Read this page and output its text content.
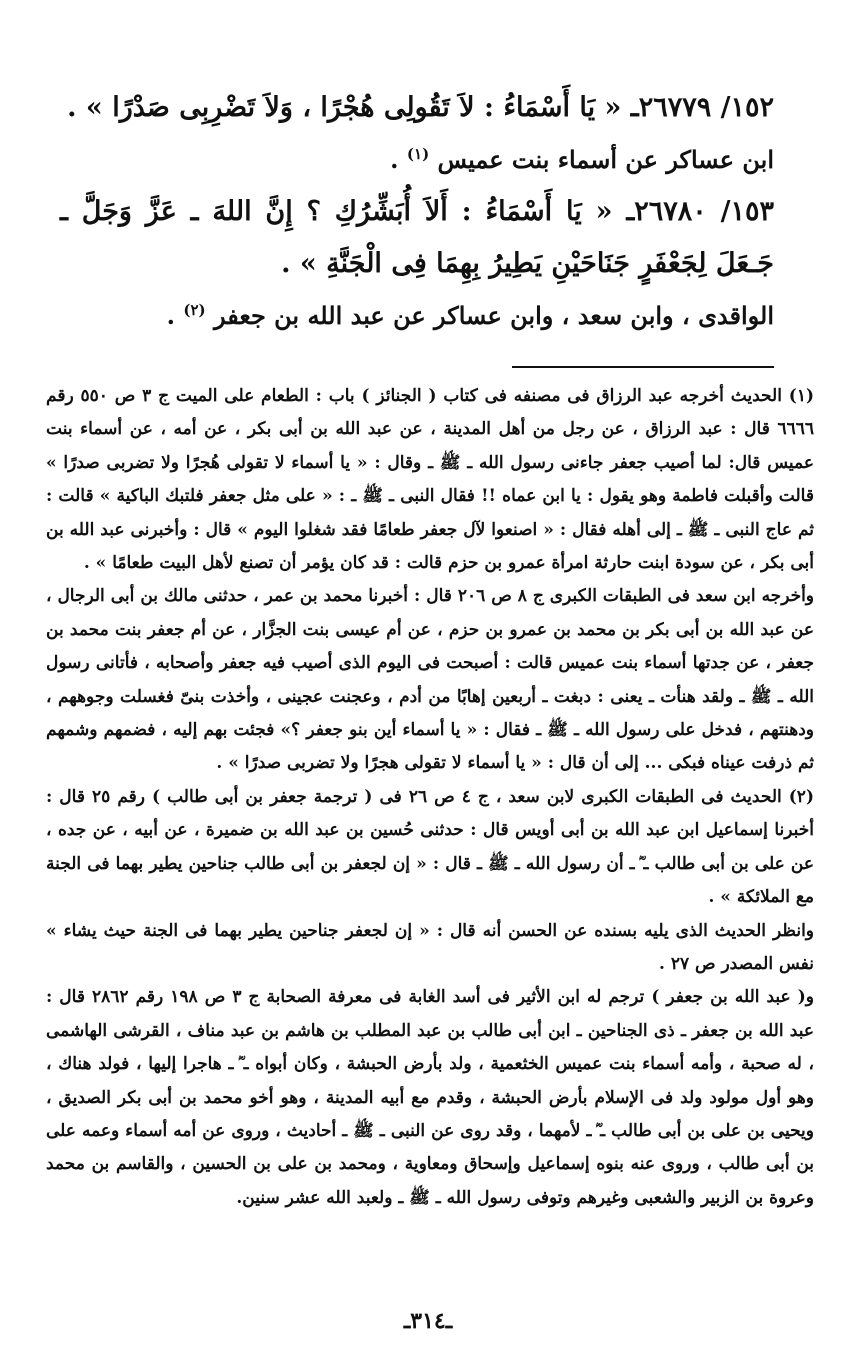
١٥٢/ ٢٦٧٧٩ـ « يَا أَسْمَاءُ : لاَ تَقُولِى هُجْرًا ، وَلاَ تَضْرِبِى صَدْرًا » .

ابن عساكر عن أسماء بنت عميس $^{(١)}$ .

١٥٣/ ٢٦٧٨٠ـ « يَا أَسْمَاءُ : أَلاَ أُبَشِّرُكِ ؟ إِنَّ اللهَ ـ عَزَّ وَجَلَّ ـ جَـعَلَ لِجَعْفَرٍ جَنَاحَيْنِ يَطِيرُ بِهِمَا فِى الْجَنَّةِ » .

الواقدى ، وابن سعد ، وابن عساكر عن عبد الله بن جعفر $^{(٢)}$ .

(١) الحديث أخرجه عبد الرزاق فى مصنفه فى كتاب ( الجنائز ) باب : الطعام على الميت ج ٣ ص ٥٥٠ رقم ٦٦٦٦ قال : عبد الرزاق ، عن رجل من أهل المدينة ، عن عبد الله بن أبى بكر ، عن أمه ، عن أسماء بنت عميس قال: لما أصيب جعفر جاءنى رسول الله ـ ﷺ ـ وقال : « يا أسماء لا تقولى هُجرًا ولا تضربى صدرًا » قالت وأقبلت فاطمة وهو يقول : يا ابن عماه !! فقال النبى ـ ﷺ ـ : « على مثل جعفر فلتبك الباكية » قالت : ثم عاج النبى ـ ﷺ ـ إلى أهله فقال : « اصنعوا لآل جعفر طعامًا فقد شغلوا اليوم » قال : وأخبرنى عبد الله بن أبى بكر ، عن سودة ابنت حارثة امرأة عمرو بن حزم قالت : قد كان يؤمر أن تصنع لأهل البيت طعامًا » .

وأخرجه ابن سعد فى الطبقات الكبرى ج ٨ ص ٢٠٦ قال : أخبرنا محمد بن عمر ، حدثنى مالك بن أبى الرجال ، عن عبد الله بن أبى بكر بن محمد بن عمرو بن حزم ، عن أم عيسى بنت الجزَّار ، عن أم جعفر بنت محمد بن جعفر ، عن جدتها أسماء بنت عميس قالت : أصبحت فى اليوم الذى أصيب فيه جعفر وأصحابه ، فأتانى رسول الله ـ ﷺ ـ ولقد هنأت ـ يعنى : دبغت ـ أربعين إهابًا من أدم ، وعجنت عجينى ، وأخذت بنىّ فغسلت وجوههم ، ودهنتهم ، فدخل على رسول الله ـ ﷺ ـ فقال : « يا أسماء أين بنو جعفر ؟» فجئت بهم إليه ، فضمهم وشمهم ثم ذرفت عيناه فبكى ... إلى أن قال : « يا أسماء لا تقولى هجرًا ولا تضربى صدرًا » .

(٢) الحديث فى الطبقات الكبرى لابن سعد ، ج ٤ ص ٢٦ فى ( ترجمة جعفر بن أبى طالب ) رقم ٢٥ قال : أخبرنا إسماعيل ابن عبد الله بن أبى أويس قال : حدثنى حُسين بن عبد الله بن ضميرة ، عن أبيه ، عن جده ، عن على بن أبى طالب ـ ؓ ـ أن رسول الله ـ ﷺ ـ قال : « إن لجعفر بن أبى طالب جناحين يطير بهما فى الجنة مع الملائكة » .

وانظر الحديث الذى يليه بسنده عن الحسن أنه قال : « إن لجعفر جناحين يطير بهما فى الجنة حيث يشاء » نفس المصدر ص ٢٧ .

و( عبد الله بن جعفر ) ترجم له ابن الأثير فى أسد الغابة فى معرفة الصحابة ج ٣ ص ١٩٨ رقم ٢٨٦٢ قال : عبد الله بن جعفر ـ ذى الجناحين ـ ابن أبى طالب بن عبد المطلب بن هاشم بن عبد مناف ، القرشى الهاشمى ، له صحبة ، وأمه أسماء بنت عميس الخثعمية ، ولد بأرض الحبشة ، وكان أبواه ـ ؓ ـ هاجرا إليها ، فولد هناك ، وهو أول مولود ولد فى الإسلام بأرض الحبشة ، وقدم مع أبيه المدينة ، وهو أخو محمد بن أبى بكر الصديق ، ويحيى بن على بن أبى طالب ـ ؓ ـ لأمهما ، وقد روى عن النبى ـ ﷺ ـ أحاديث ، وروى عن أمه أسماء وعمه على بن أبى طالب ، وروى عنه بنوه إسماعيل وإسحاق ومعاوية ، ومحمد بن على بن الحسين ، والقاسم بن محمد وعروة بن الزبير والشعبى وغيرهم وتوفى رسول الله ـ ﷺ ـ ولعبد الله عشر سنين.

ـ٣١٤ـ
